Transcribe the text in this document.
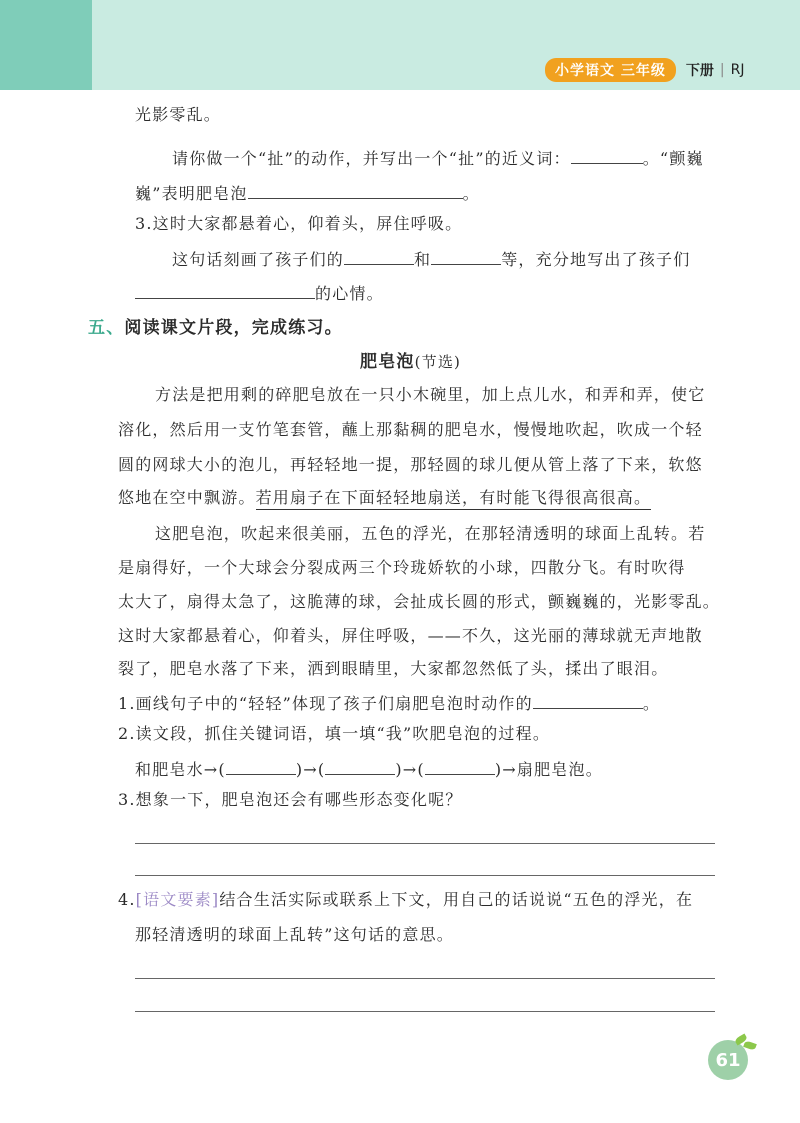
小学语文 三年级	下册 | RJ
光影零乱。
请你做一个“扯”的动作，并写出一个“扯”的近义词：	。“颤巍
巍”表明肥皂泡	。
3.这时大家都悬着心，仰着头，屏住呼吸。
这句话刻画了孩子们的	和	等，充分地写出了孩子们
的心情。
五、阅读课文片段，完成练习。
肥皂泡(节选)
方法是把用剩的碎肥皂放在一只小木碗里，加上点儿水，和弄和弄，使它
溶化，然后用一支竹笔套管，蘸上那黏稠的肥皂水，慢慢地吹起，吹成一个轻
圆的网球大小的泡儿，再轻轻地一提，那轻圆的球儿便从管上落了下来，软悠
悠地在空中飘游。若用扇子在下面轻轻地扇送，有时能飞得很高很高。
这肥皂泡，吹起来很美丽，五色的浮光，在那轻清透明的球面上乱转。若
是扇得好，一个大球会分裂成两三个玲珑娇软的小球，四散分飞。有时吹得
太大了，扇得太急了，这脆薄的球，会扯成长圆的形式，颤巍巍的，光影零乱。
这时大家都悬着心，仰着头，屏住呼吸，——不久，这光丽的薄球就无声地散
裂了，肥皂水落了下来，洒到眼睛里，大家都忽然低了头，揉出了眼泪。
1.画线句子中的“轻轻”体现了孩子们扇肥皂泡时动作的	。
2.读文段，抓住关键词语，填一填“我”吹肥皂泡的过程。
和肥皂水→(	)→(	)→(	)→扇肥皂泡。
3.想象一下，肥皂泡还会有哪些形态变化呢？
4.[语文要素]结合生活实际或联系上下文，用自己的话说说“五色的浮光，在
那轻清透明的球面上乱转”这句话的意思。
61
